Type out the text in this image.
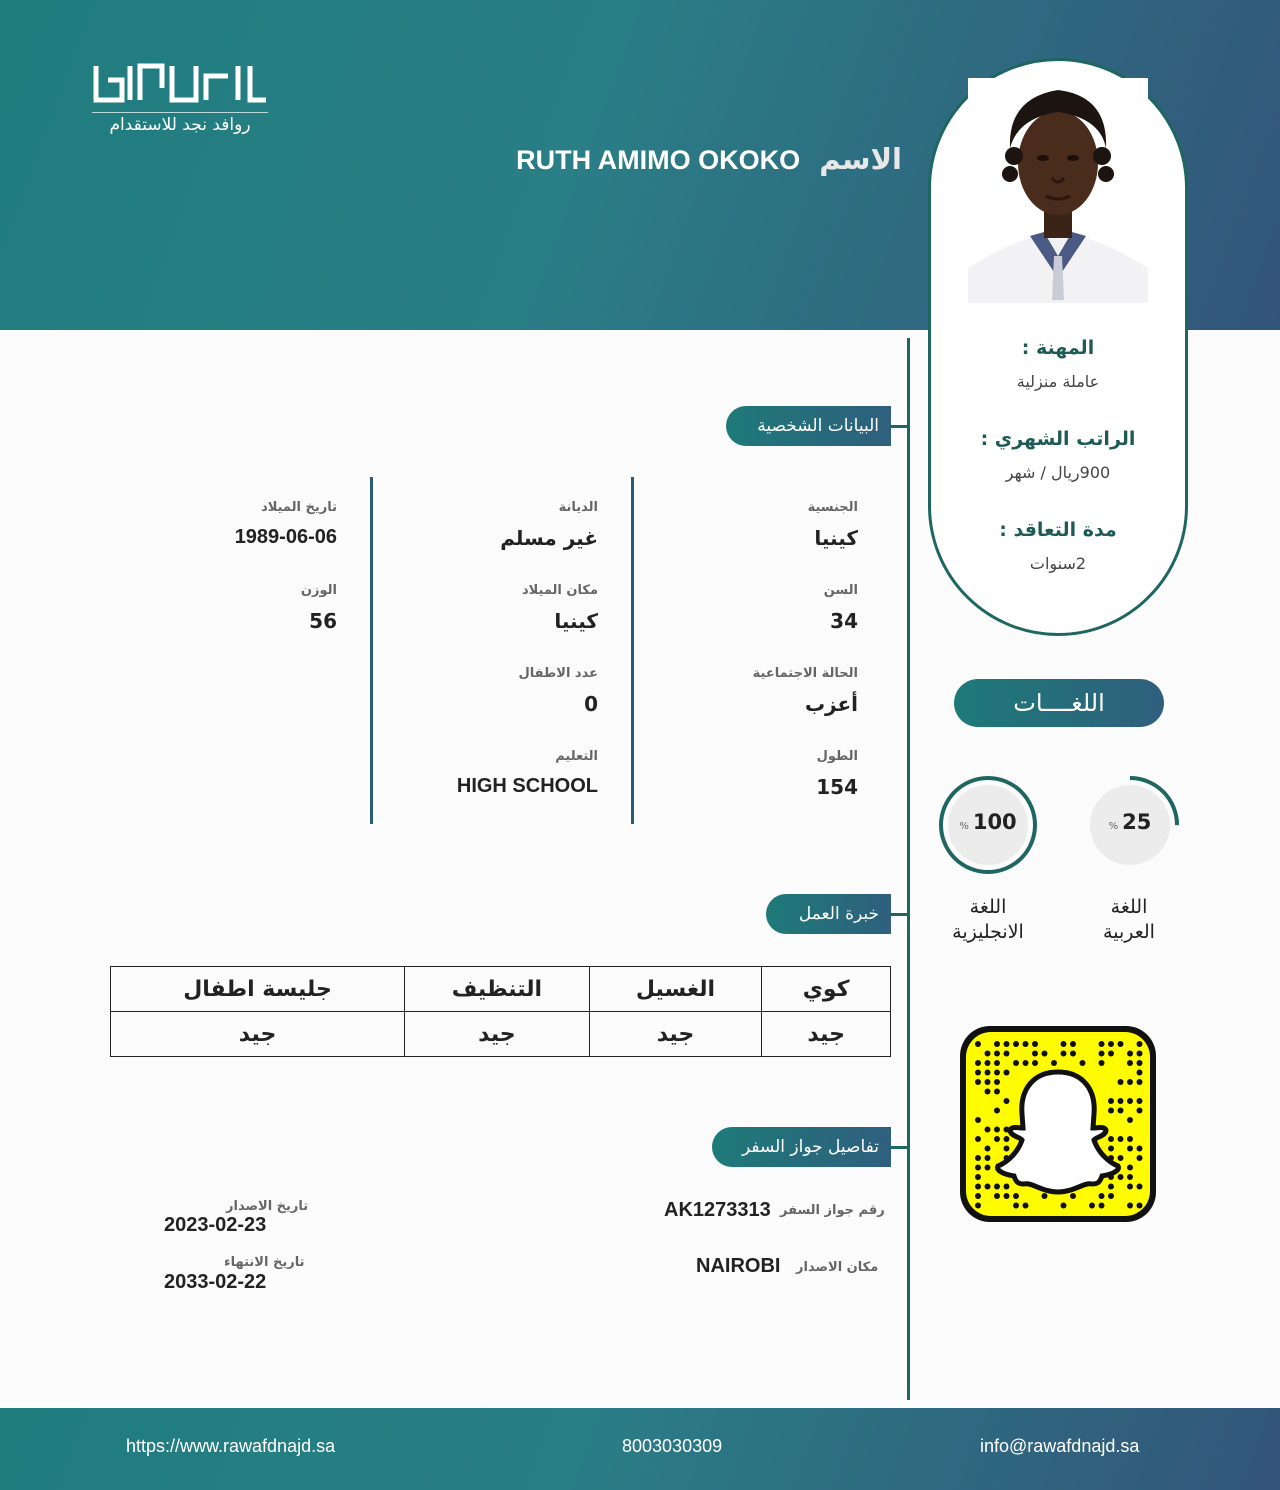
روافد نجد للاستقدام
RUTH AMIMO OKOKO الاسم
المهنة :
عاملة منزلية
الراتب الشهري :
900ريال / شهر
مدة التعاقد :
2سنوات
البيانات الشخصية
خبرة العمل
تفاصيل جواز السفر
الجنسية
كينيا
السن
34
الحالة الاجتماعية
أعزب
الطول
154
الديانة
غير مسلم
مكان الميلاد
كينيا
عدد الاطفال
0
التعليم
HIGH SCHOOL
تاريخ الميلاد
1989-06-06
الوزن
56
اللغــــات
% 25
% 100
اللغة
العربية
اللغة
الانجليزية
جليسة اطفال	التنظيف	الغسيل	كوي
جيد	جيد	جيد	جيد
رقم جواز السفر
AK1273313
مكان الاصدار
NAIROBI
تاريخ الاصدار
2023-02-23
تاريخ الانتهاء
2033-02-22
https://www.rawafdnajd.sa	8003030309	info@rawafdnajd.sa
